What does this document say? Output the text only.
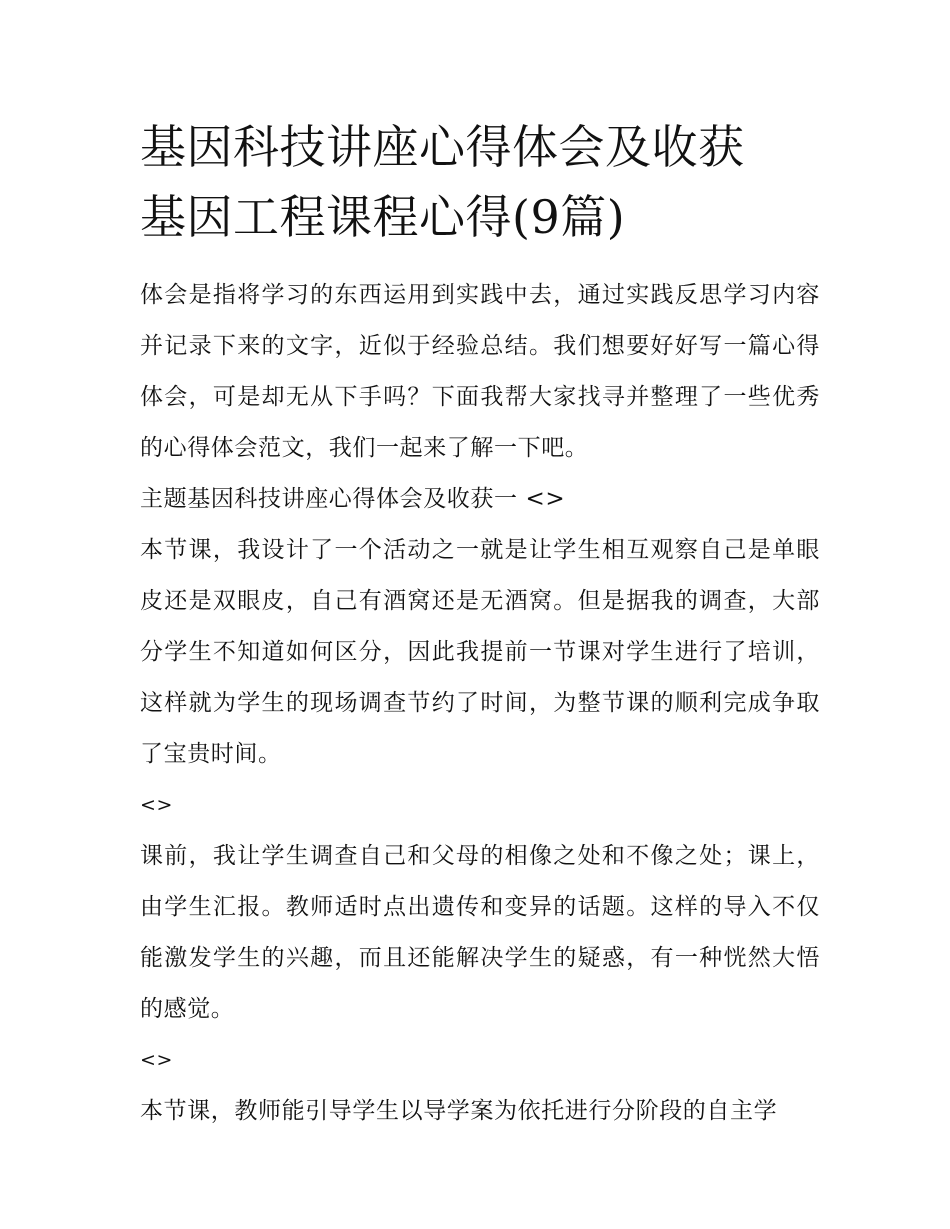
基因科技讲座心得体会及收获
基因工程课程心得(9篇)

体会是指将学习的东西运用到实践中去，通过实践反思学习内容并记录下来的文字，近似于经验总结。我们想要好好写一篇心得体会，可是却无从下手吗？下面我帮大家找寻并整理了一些优秀的心得体会范文，我们一起来了解一下吧。

主题基因科技讲座心得体会及收获一 <>

本节课，我设计了一个活动之一就是让学生相互观察自己是单眼皮还是双眼皮，自己有酒窝还是无酒窝。但是据我的调查，大部分学生不知道如何区分，因此我提前一节课对学生进行了培训，这样就为学生的现场调查节约了时间，为整节课的顺利完成争取了宝贵时间。

<>

课前，我让学生调查自己和父母的相像之处和不像之处；课上，由学生汇报。教师适时点出遗传和变异的话题。这样的导入不仅能激发学生的兴趣，而且还能解决学生的疑惑，有一种恍然大悟的感觉。

<>

本节课，教师能引导学生以导学案为依托进行分阶段的自主学
